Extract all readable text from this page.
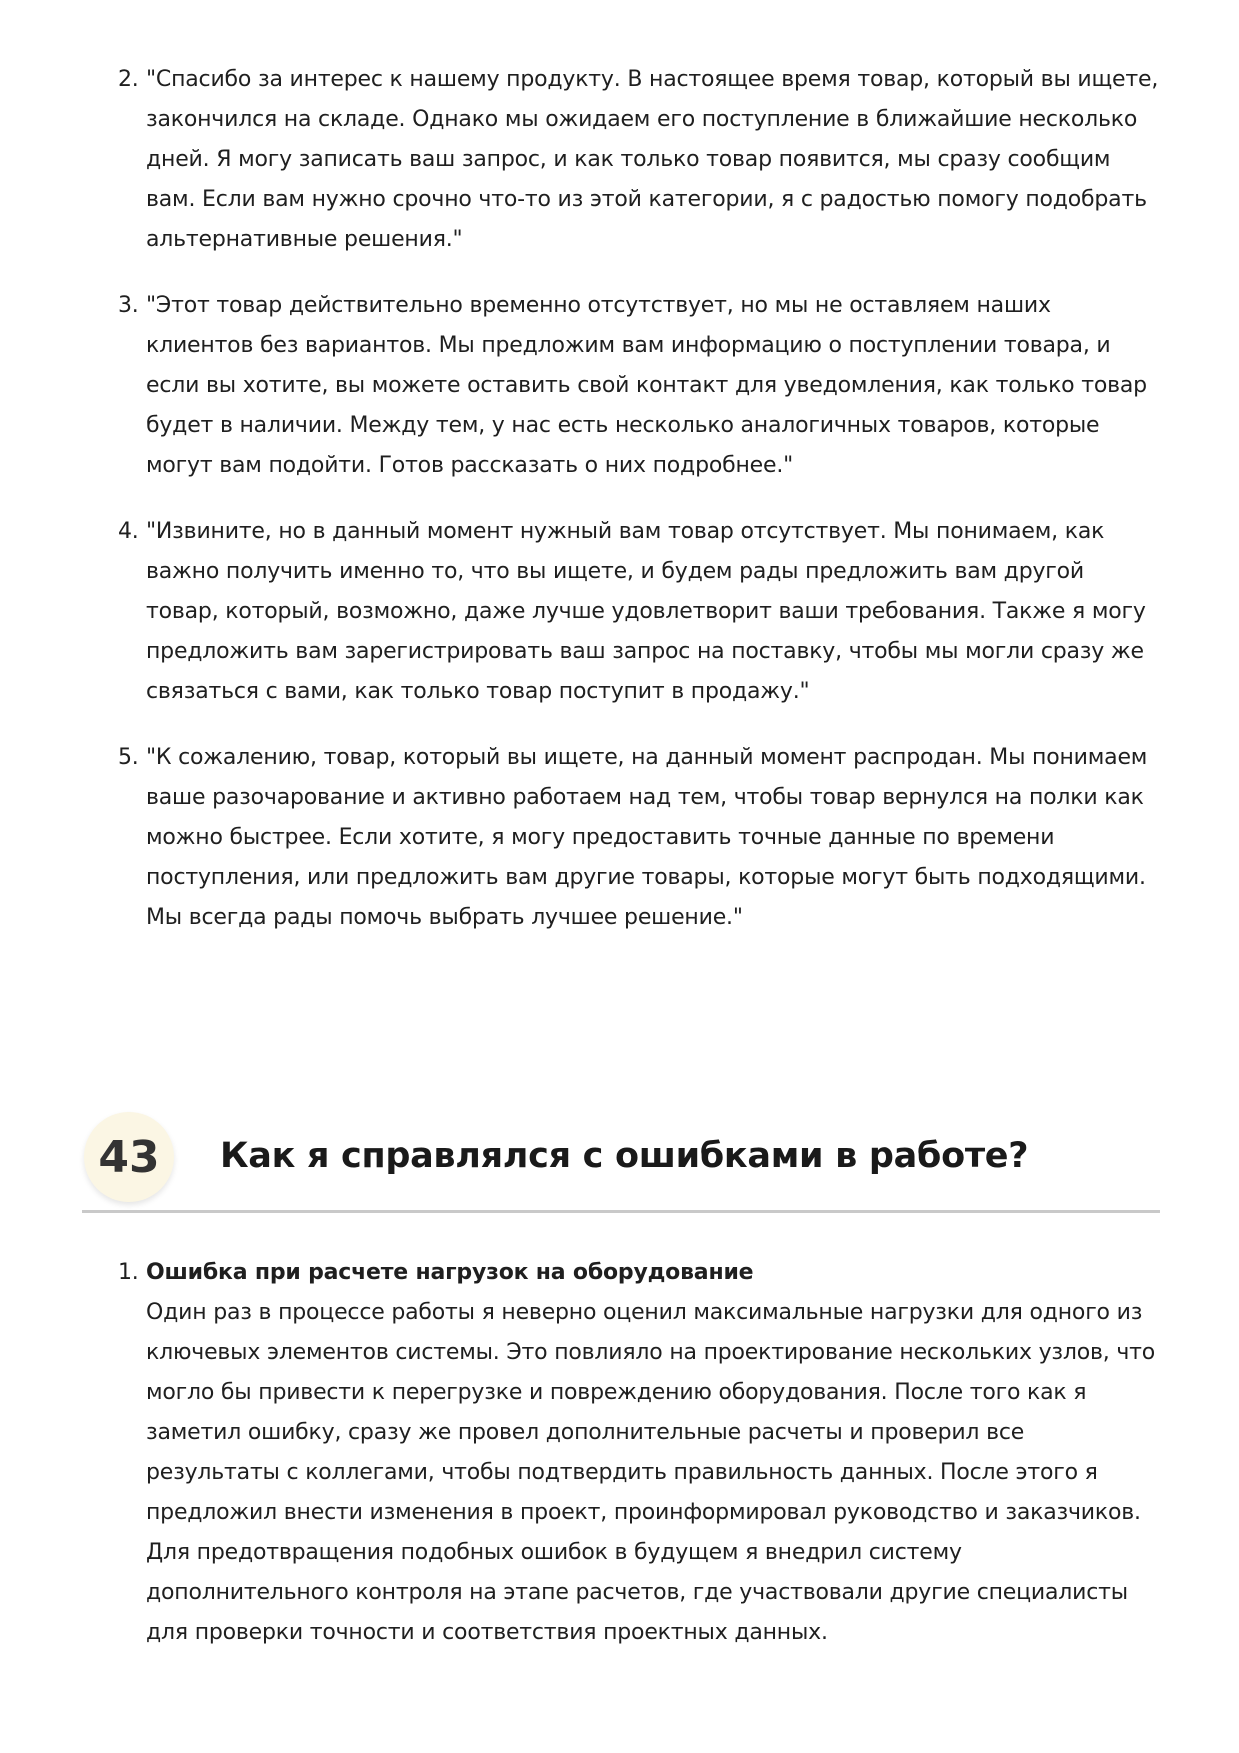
2. "Спасибо за интерес к нашему продукту. В настоящее время товар, который вы ищете, закончился на складе. Однако мы ожидаем его поступление в ближайшие несколько дней. Я могу записать ваш запрос, и как только товар появится, мы сразу сообщим вам. Если вам нужно срочно что-то из этой категории, я с радостью помогу подобрать альтернативные решения."
3. "Этот товар действительно временно отсутствует, но мы не оставляем наших клиентов без вариантов. Мы предложим вам информацию о поступлении товара, и если вы хотите, вы можете оставить свой контакт для уведомления, как только товар будет в наличии. Между тем, у нас есть несколько аналогичных товаров, которые могут вам подойти. Готов рассказать о них подробнее."
4. "Извините, но в данный момент нужный вам товар отсутствует. Мы понимаем, как важно получить именно то, что вы ищете, и будем рады предложить вам другой товар, который, возможно, даже лучше удовлетворит ваши требования. Также я могу предложить вам зарегистрировать ваш запрос на поставку, чтобы мы могли сразу же связаться с вами, как только товар поступит в продажу."
5. "К сожалению, товар, который вы ищете, на данный момент распродан. Мы понимаем ваше разочарование и активно работаем над тем, чтобы товар вернулся на полки как можно быстрее. Если хотите, я могу предоставить точные данные по времени поступления, или предложить вам другие товары, которые могут быть подходящими. Мы всегда рады помочь выбрать лучшее решение."
43	Как я справлялся с ошибками в работе?
1. Ошибка при расчете нагрузок на оборудование
Один раз в процессе работы я неверно оценил максимальные нагрузки для одного из ключевых элементов системы. Это повлияло на проектирование нескольких узлов, что могло бы привести к перегрузке и повреждению оборудования. После того как я заметил ошибку, сразу же провел дополнительные расчеты и проверил все результаты с коллегами, чтобы подтвердить правильность данных. После этого я предложил внести изменения в проект, проинформировал руководство и заказчиков. Для предотвращения подобных ошибок в будущем я внедрил систему дополнительного контроля на этапе расчетов, где участвовали другие специалисты для проверки точности и соответствия проектных данных.
